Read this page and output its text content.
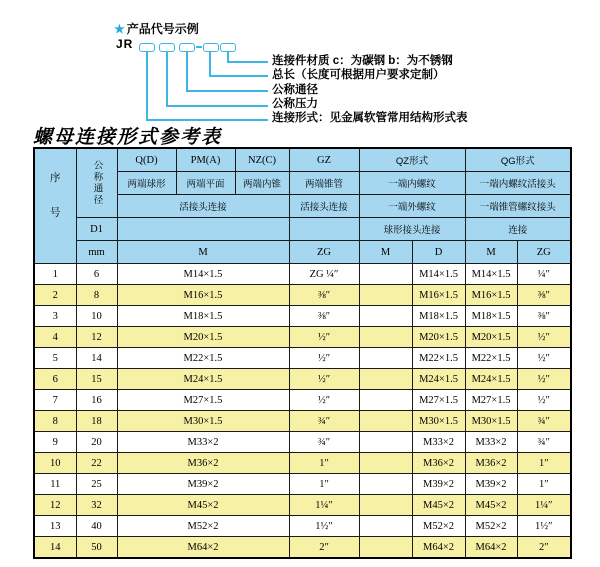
★ 产品代号示例
JR
连接件材质 c：为碳钢 b：为不锈钢
总长（长度可根据用户要求定制）
公称通径
公称压力
连接形式：见金属软管常用结构形式表
螺母连接形式参考表
序号	公称通径	Q(D)	PM(A)	NZ(C)	GZ	QZ形式		QG形式	
		两端球形	两端平面	两端内锥	两端锥管	一端内螺纹		一端内螺纹活接头	
		活接头连接			活接头连接	一端外螺纹		一端锥管螺纹接头	
	D1					球形接头连接		连接	
	mm	M			ZG	M	D	M	ZG
1	6	M14×1.5			ZG ¼″		M14×1.5	M14×1.5	¼″
2	8	M16×1.5			⅜″		M16×1.5	M16×1.5	⅜″
3	10	M18×1.5			⅜″		M18×1.5	M18×1.5	⅜″
4	12	M20×1.5			½″		M20×1.5	M20×1.5	½″
5	14	M22×1.5			½″		M22×1.5	M22×1.5	½″
6	15	M24×1.5			½″		M24×1.5	M24×1.5	½″
7	16	M27×1.5			½″		M27×1.5	M27×1.5	½″
8	18	M30×1.5			¾″		M30×1.5	M30×1.5	¾″
9	20	M33×2			¾″		M33×2	M33×2	¾″
10	22	M36×2			1″		M36×2	M36×2	1″
11	25	M39×2			1″		M39×2	M39×2	1″
12	32	M45×2			1¼″		M45×2	M45×2	1¼″
13	40	M52×2			1½″		M52×2	M52×2	1½″
14	50	M64×2			2″		M64×2	M64×2	2″
